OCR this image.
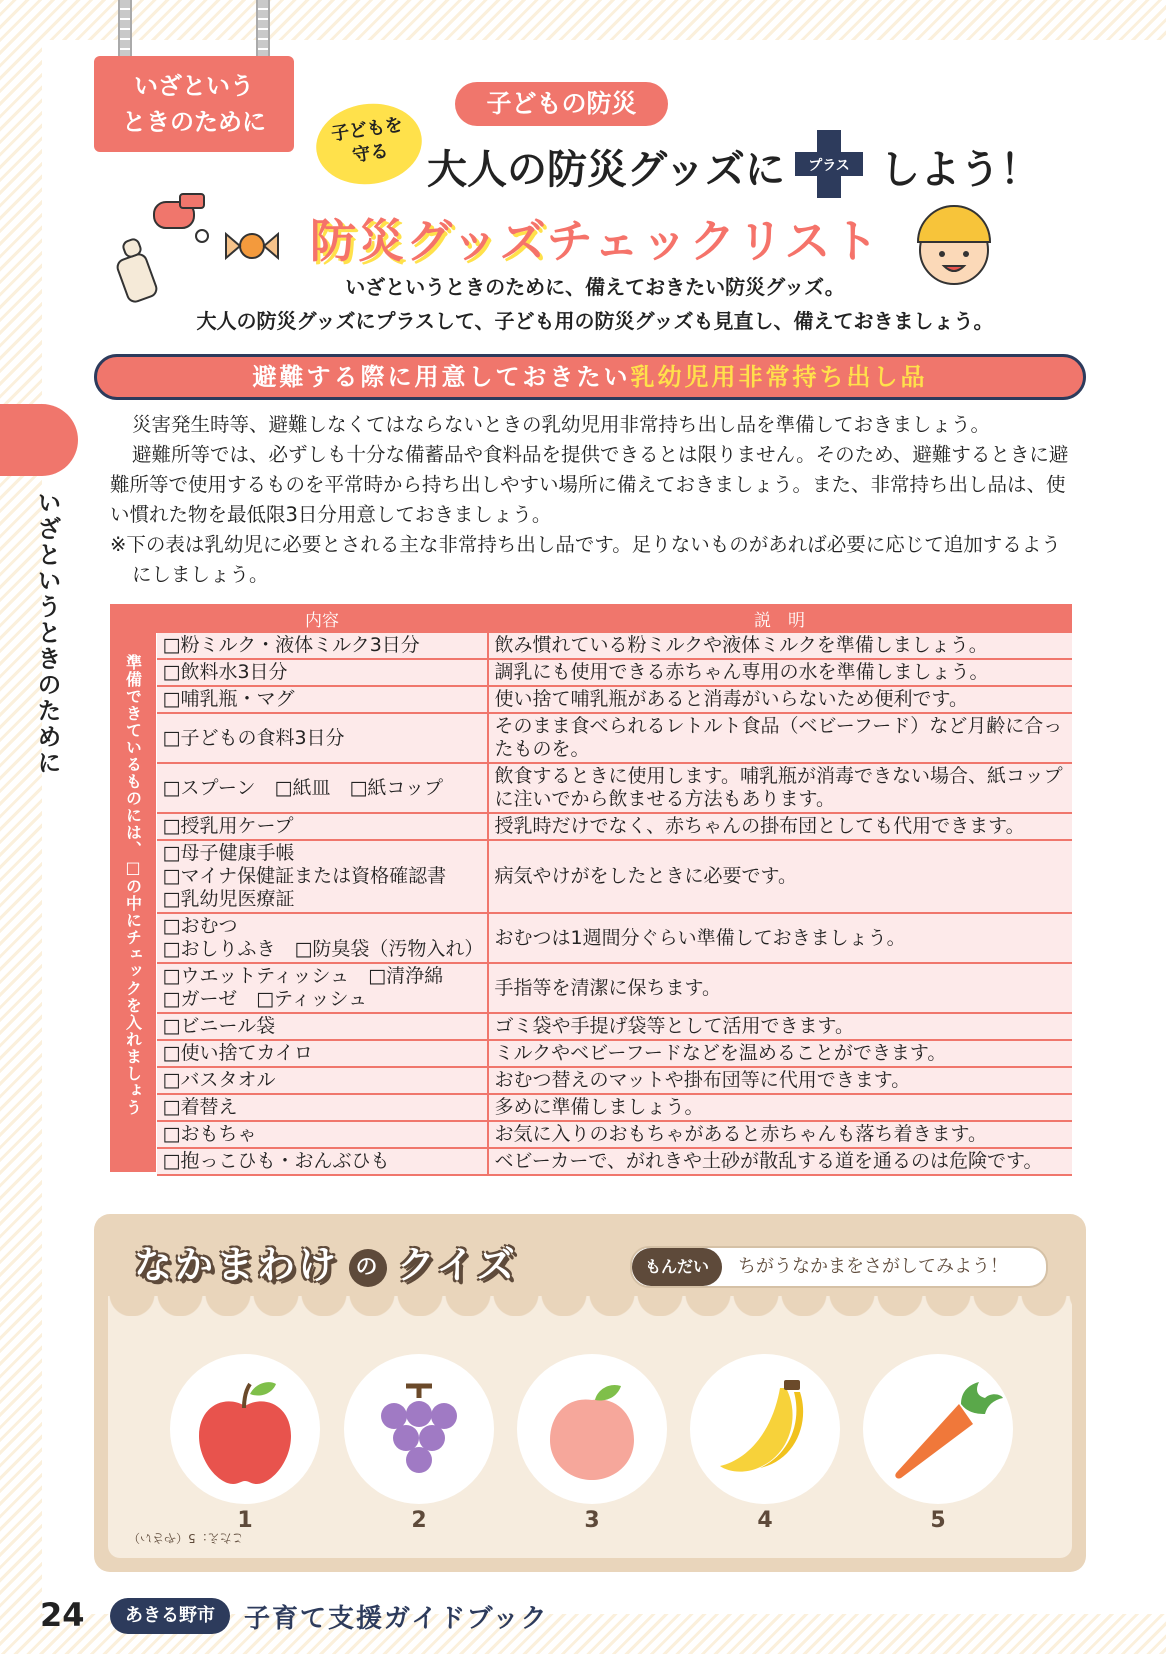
いざという
ときのために
子どもの防災
子どもを
守る 大人の防災グッズに プラス しよう！
防災グッズチェックリスト
いざというときのために、備えておきたい防災グッズ。
大人の防災グッズにプラスして、子ども用の防災グッズも見直し、備えておきましょう。
いざというときのために
避難する際に用意しておきたい乳幼児用非常持ち出し品

災害発生時等、避難しなくてはならないときの乳幼児用非常持ち出し品を準備しておきましょう。

避難所等では、必ずしも十分な備蓄品や食料品を提供できるとは限りません。そのため、避難するときに避難所等で使用するものを平常時から持ち出しやすい場所に備えておきましょう。また、非常持ち出し品は、使い慣れた物を最低限3日分用意しておきましょう。

※下の表は乳幼児に必要とされる主な非常持ち出し品です。足りないものがあれば必要に応じて追加するようにしましょう。

準備できているものには、□の中にチェックを入れましょう
内容	説　明
□粉ミルク・液体ミルク3日分	飲み慣れている粉ミルクや液体ミルクを準備しましょう。
□飲料水3日分	調乳にも使用できる赤ちゃん専用の水を準備しましょう。
□哺乳瓶・マグ	使い捨て哺乳瓶があると消毒がいらないため便利です。
□子どもの食料3日分	そのまま食べられるレトルト食品（ベビーフード）など月齢に合ったものを。
□スプーン　□紙皿　□紙コップ	飲食するときに使用します。哺乳瓶が消毒できない場合、紙コップに注いでから飲ませる方法もあります。
□授乳用ケープ	授乳時だけでなく、赤ちゃんの掛布団としても代用できます。
□母子健康手帳
□マイナ保健証または資格確認書
□乳幼児医療証	病気やけがをしたときに必要です。
□おむつ
□おしりふき　□防臭袋（汚物入れ）	おむつは1週間分ぐらい準備しておきましょう。
□ウエットティッシュ　□清浄綿
□ガーゼ　□ティッシュ	手指等を清潔に保ちます。
□ビニール袋	ゴミ袋や手提げ袋等として活用できます。
□使い捨てカイロ	ミルクやベビーフードなどを温めることができます。
□バスタオル	おむつ替えのマットや掛布団等に代用できます。
□着替え	多めに準備しましょう。
□おもちゃ	お気に入りのおもちゃがあると赤ちゃんも落ち着きます。
□抱っこひも・おんぶひも	ベビーカーで、がれきや土砂が散乱する道を通るのは危険です。
なかまわけ の クイズ	もんだい	ちがうなかまをさがしてみよう！
1	2	3	4	5
こたえ：5（やさい）
24	あきる野市	子育て支援ガイドブック
